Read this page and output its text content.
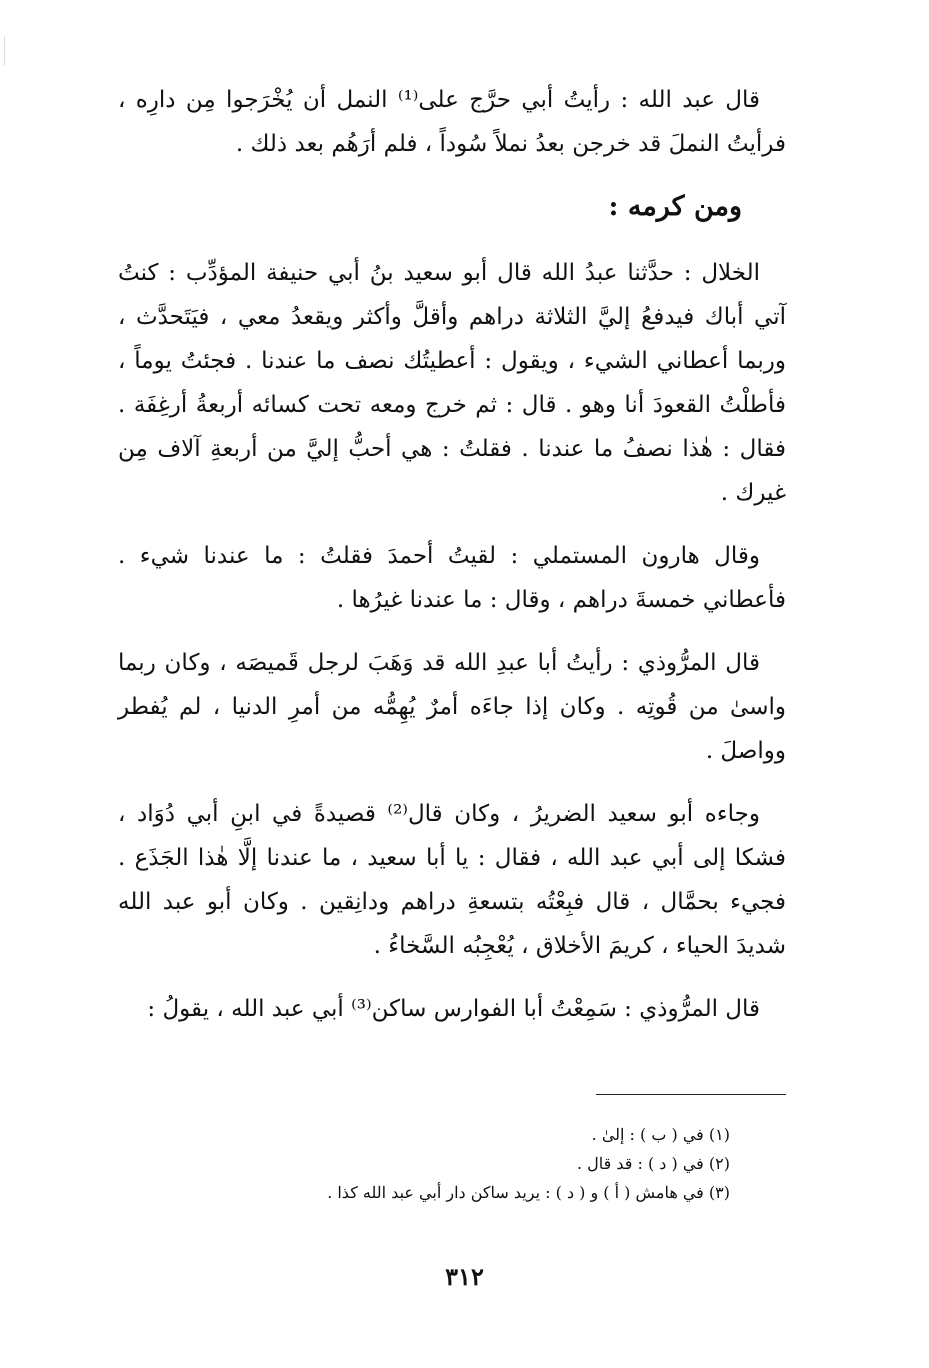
قال عبد الله : رأيتُ أبي حرَّج على⁽¹⁾ النمل أن يُخْرَجوا مِن دارِه ، فرأيتُ النملَ قد خرجن بعدُ نملاً سُوداً ، فلم أرَهُم بعد ذلك .

ومن كرمه :

الخلال : حدَّثنا عبدُ الله قال أبو سعيد بنُ أبي حنيفة المؤدِّب : كنتُ آتي أباك فيدفعُ إليَّ الثلاثة دراهم وأقلَّ وأكثر ويقعدُ معي ، فيَتَحدَّث ، وربما أعطاني الشيء ، ويقول : أعطيتُك نصف ما عندنا . فجئتُ يوماً ، فأطلْتُ القعودَ أنا وهو . قال : ثم خرج ومعه تحت كسائه أربعةُ أرغِفَة . فقال : هٰذا نصفُ ما عندنا . فقلتُ : هي أحبُّ إليَّ من أربعةِ آلاف مِن غيرك .

وقال هارون المستملي : لقيتُ أحمدَ فقلتُ : ما عندنا شيء . فأعطاني خمسةَ دراهم ، وقال : ما عندنا غيرُها .

قال المرُّوذي : رأيتُ أبا عبدِ الله قد وَهَبَ لرجل قَميصَه ، وكان ربما واسىٰ من قُوتِه . وكان إذا جاءَه أمرٌ يُهِمُّه من أمرِ الدنيا ، لم يُفطر وواصلَ .

وجاءه أبو سعيد الضريرُ ، وكان قال⁽²⁾ قصيدةً في ابنِ أبي دُوَاد ، فشكا إلى أبي عبد الله ، فقال : يا أبا سعيد ، ما عندنا إلَّا هٰذا الجَذَع . فجيء بحمَّال ، قال فبِعْتُه بتسعةِ دراهم ودانِقين . وكان أبو عبد الله شديدَ الحياء ، كريمَ الأخلاق ، يُعْجِبُه السَّخاءُ .

قال المرُّوذي : سَمِعْتُ أبا الفوارس ساكن⁽³⁾ أبي عبد الله ، يقولُ :

(١) في ( ب ) : إلىٰ .

(٢) في ( د ) : قد قال .

(٣) في هامش ( أ ) و ( د ) : يريد ساكن دار أبي عبد الله كذا .

٣١٢
